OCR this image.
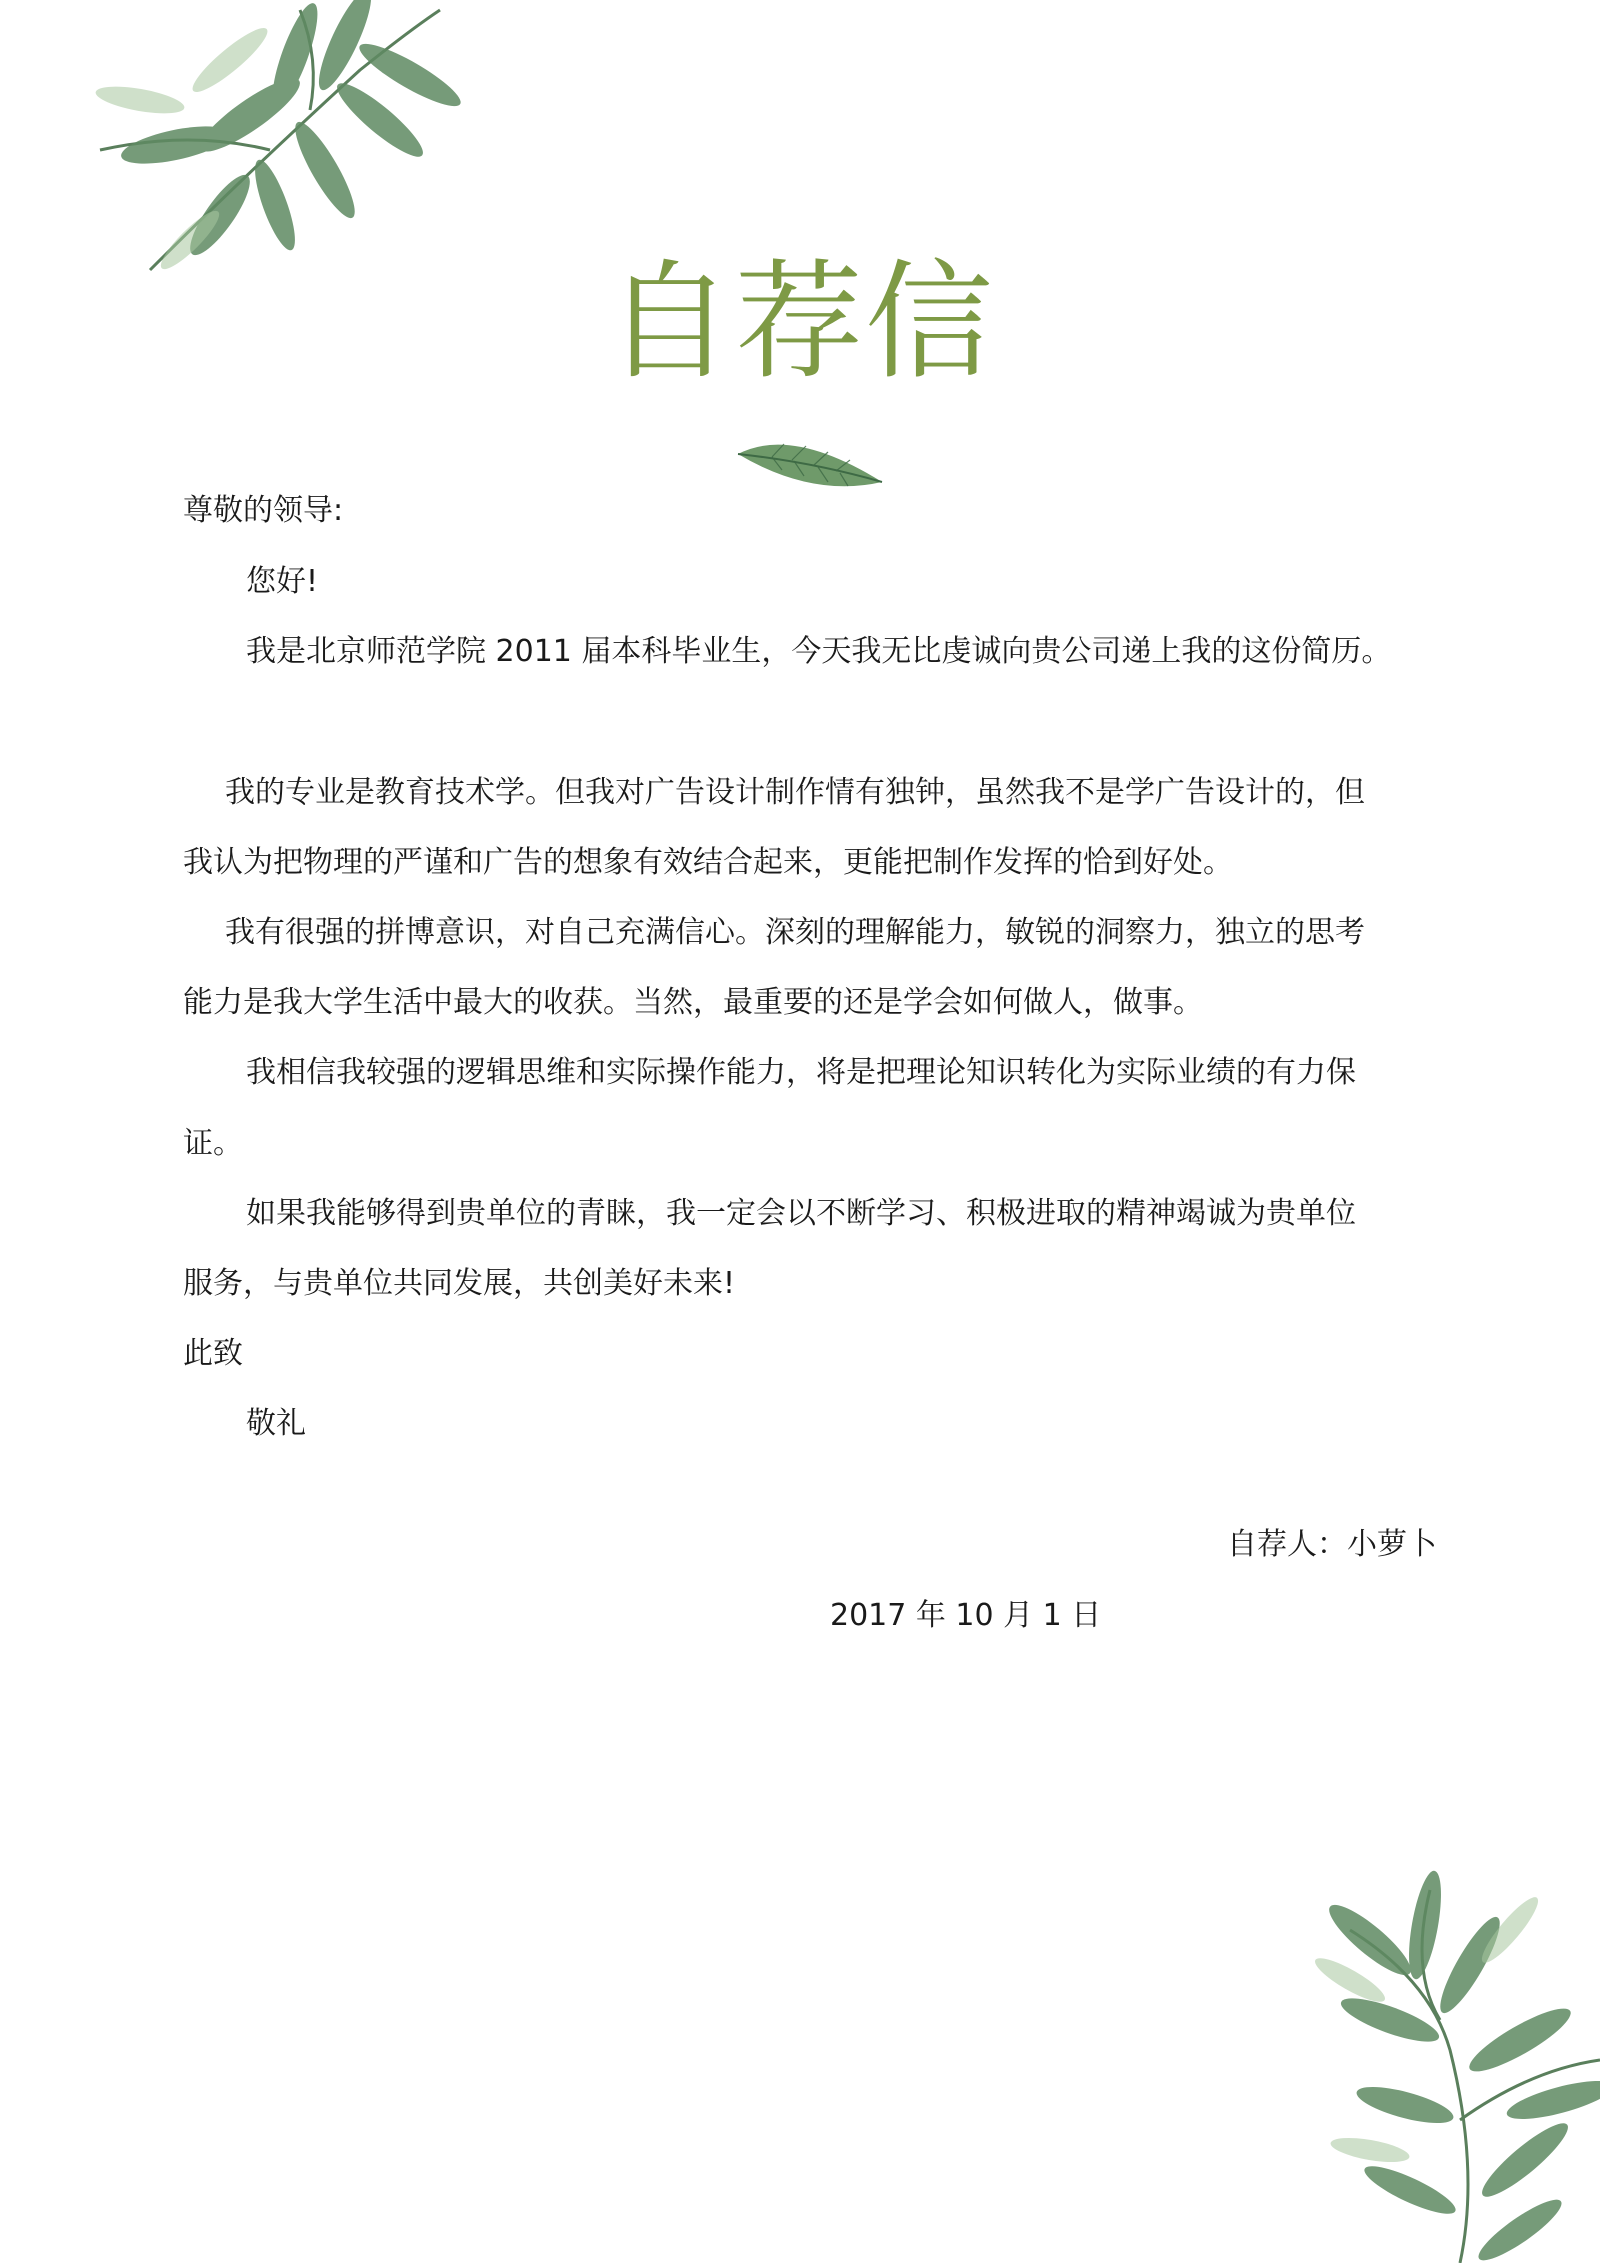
自荐信
尊敬的领导:
您好!
我是北京师范学院 2011 届本科毕业生，今天我无比虔诚向贵公司递上我的这份简历。
我的专业是教育技术学。但我对广告设计制作情有独钟，虽然我不是学广告设计的，但
我认为把物理的严谨和广告的想象有效结合起来，更能把制作发挥的恰到好处。
我有很强的拼博意识，对自己充满信心。深刻的理解能力，敏锐的洞察力，独立的思考
能力是我大学生活中最大的收获。当然，最重要的还是学会如何做人，做事。
我相信我较强的逻辑思维和实际操作能力，将是把理论知识转化为实际业绩的有力保
证。
如果我能够得到贵单位的青睐，我一定会以不断学习、积极进取的精神竭诚为贵单位
服务，与贵单位共同发展，共创美好未来!
此致
敬礼
自荐人：小萝卜
2017 年 10 月 1 日
